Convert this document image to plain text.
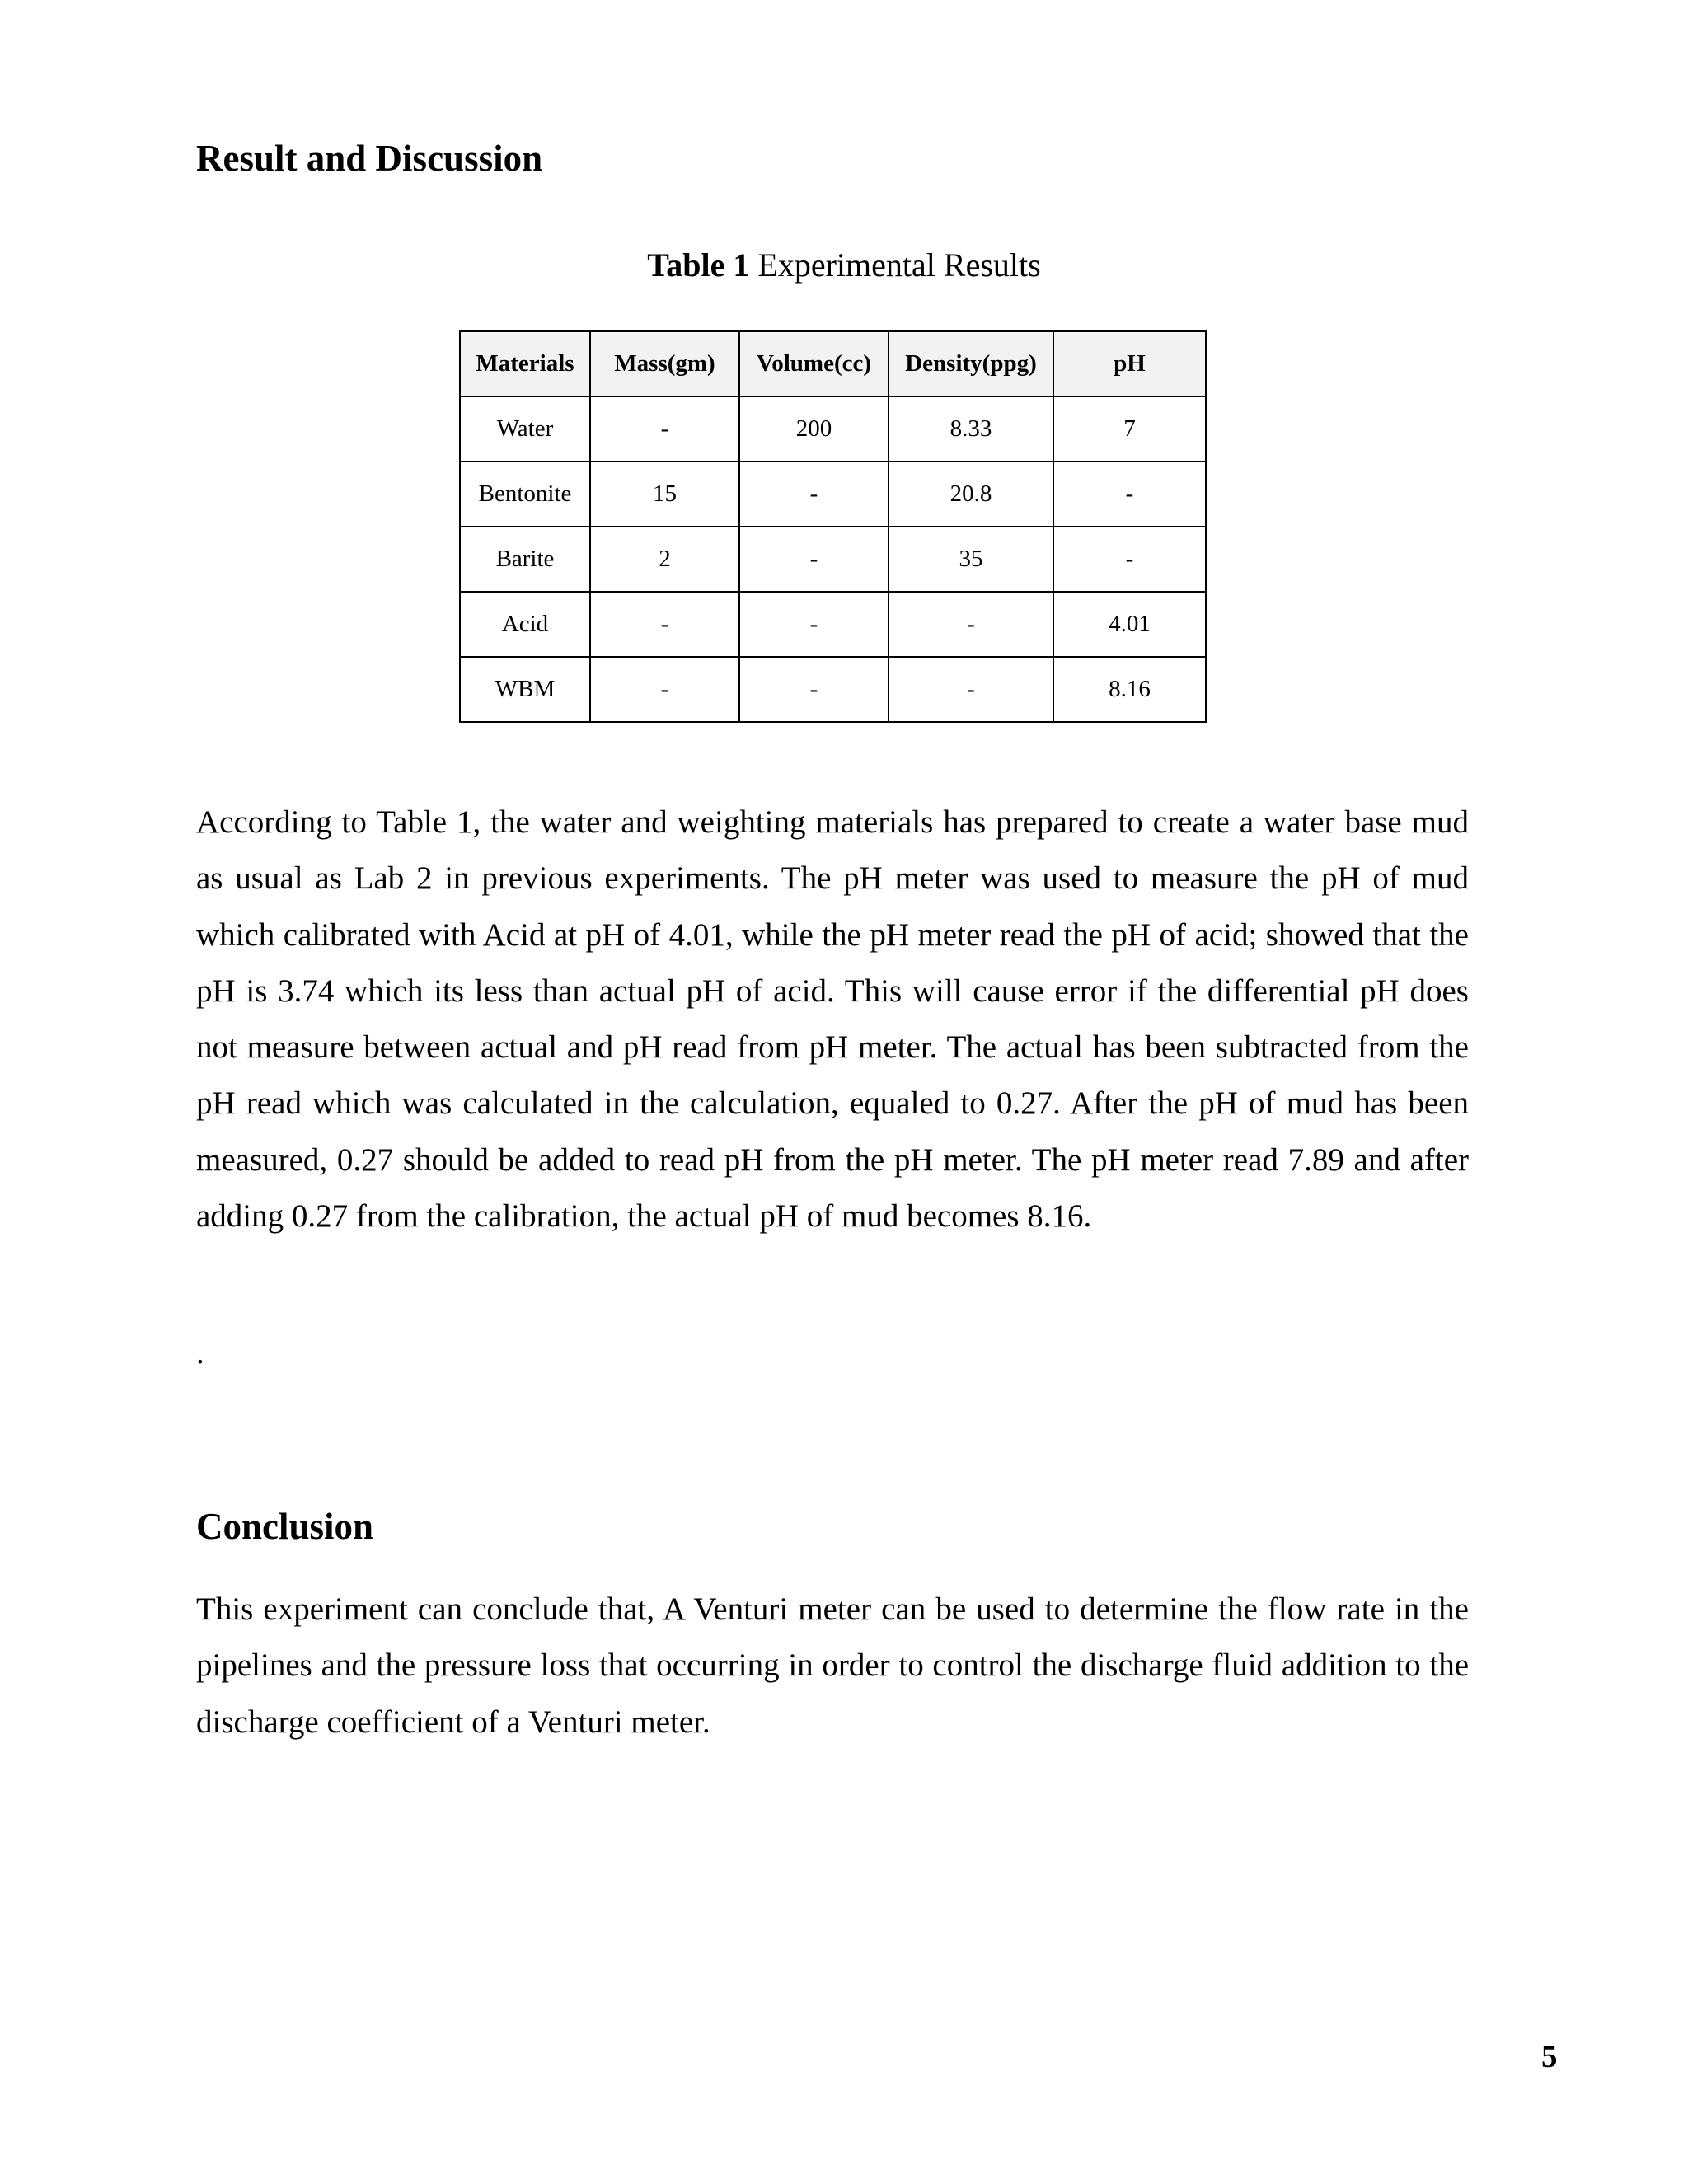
Result and Discussion

Table 1 Experimental Results

Materials	Mass(gm)	Volume(cc)	Density(ppg)	pH
Water	-	200	8.33	7
Bentonite	15	-	20.8	-
Barite	2	-	35	-
Acid	-	-	-	4.01
WBM	-	-	-	8.16

According to Table 1, the water and weighting materials has prepared to create a water base mud as usual as Lab 2 in previous experiments. The pH meter was used to measure the pH of mud which calibrated with Acid at pH of 4.01, while the pH meter read the pH of acid; showed that the pH is 3.74 which its less than actual pH of acid. This will cause error if the differential pH does not measure between actual and pH read from pH meter. The actual has been subtracted from the pH read which was calculated in the calculation, equaled to 0.27. After the pH of mud has been measured, 0.27 should be added to read pH from the pH meter. The pH meter read 7.89 and after adding 0.27 from the calibration, the actual pH of mud becomes 8.16.

.

Conclusion

This experiment can conclude that, A Venturi meter can be used to determine the flow rate in the pipelines and the pressure loss that occurring in order to control the discharge fluid addition to the discharge coefficient of a Venturi meter.

5
